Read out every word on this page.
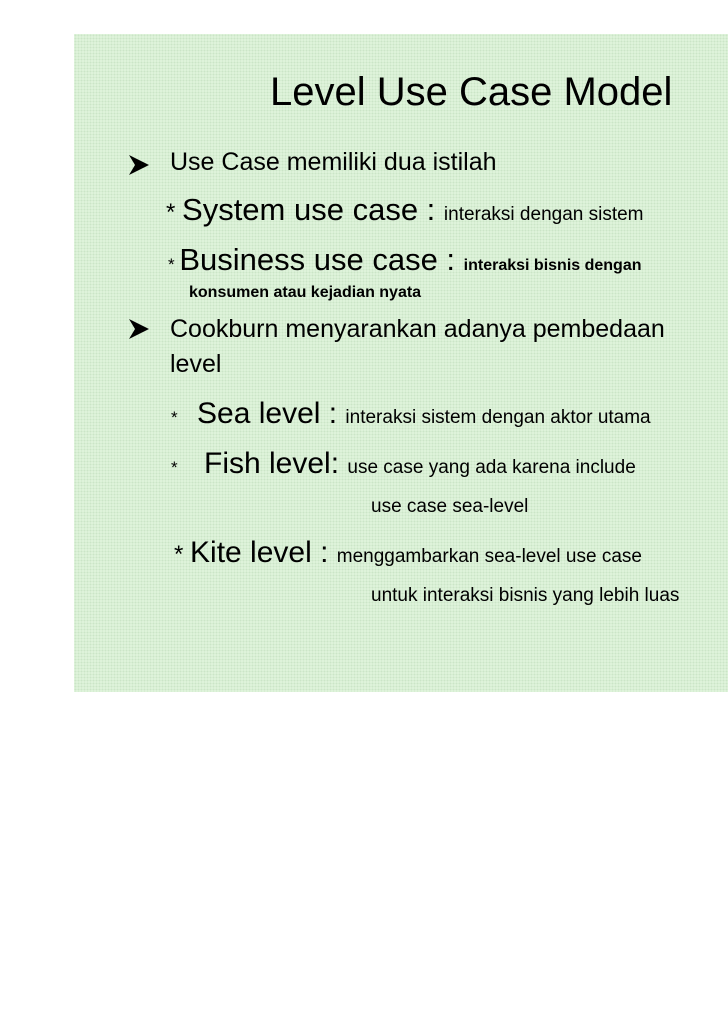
Level Use Case Model
Use Case memiliki dua istilah
* System use case : interaksi dengan sistem
* Business use case : interaksi bisnis dengan
konsumen atau kejadian nyata
Cookburn menyarankan adanya pembedaan
level
* Sea level : interaksi sistem dengan aktor utama
* Fish level: use case yang ada karena include
use case sea-level
* Kite level : menggambarkan sea-level use case
untuk interaksi bisnis yang lebih luas
